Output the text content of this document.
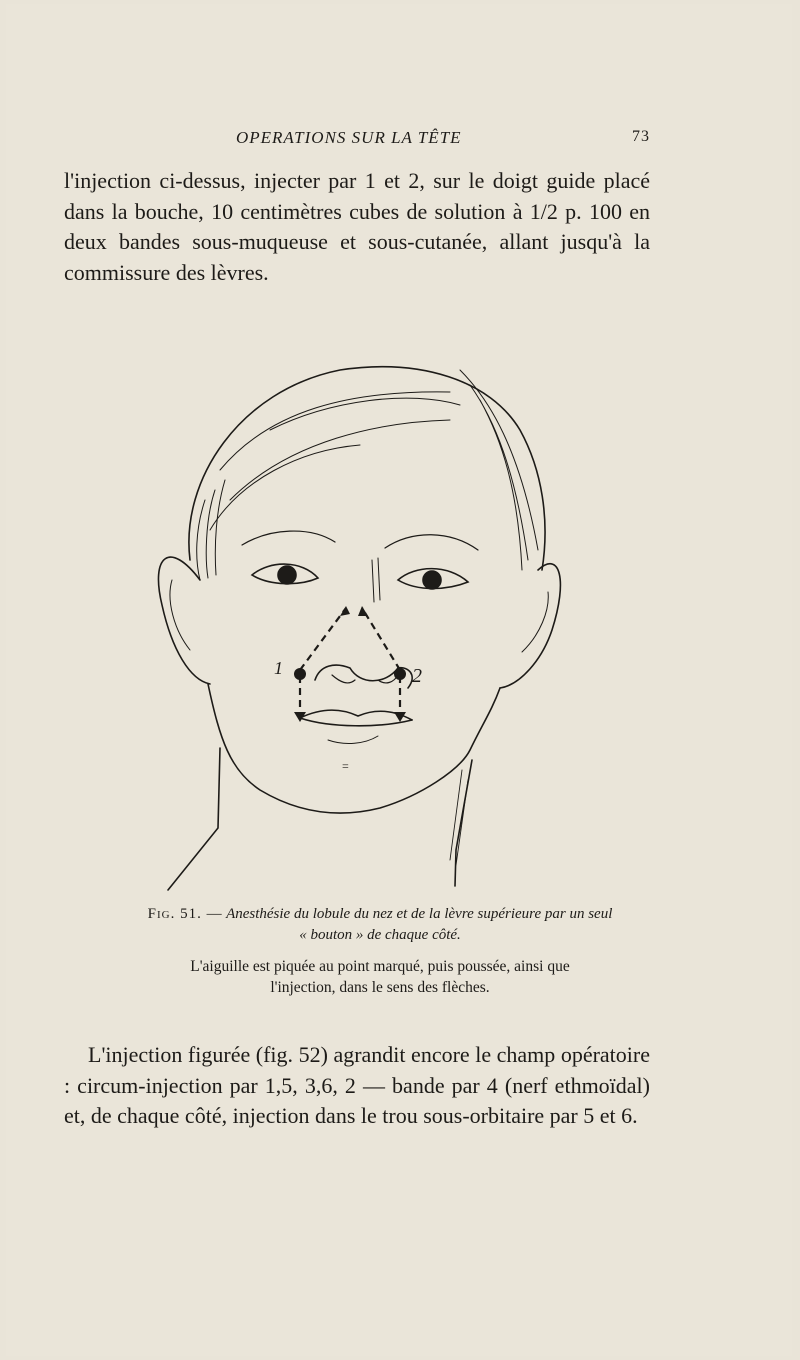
OPERATIONS SUR LA TÊTE	73

l'injection ci-dessus, injecter par 1 et 2, sur le doigt guide placé dans la bouche, 10 centimètres cubes de solution à 1/2 p. 100 en deux bandes sous-muqueuse et sous-cutanée, allant jusqu'à la commissure des lèvres.

1	2
=
Fig. 51. — Anesthésie du lobule du nez et de la lèvre supérieure par un seul
« bouton » de chaque côté.
L'aiguille est piquée au point marqué, puis poussée, ainsi que
l'injection, dans le sens des flèches.

L'injection figurée (fig. 52) agrandit encore le champ opératoire : circum-injection par 1,5, 3,6, 2 — bande par 4 (nerf ethmoïdal) et, de chaque côté, injection dans le trou sous-orbitaire par 5 et 6.
